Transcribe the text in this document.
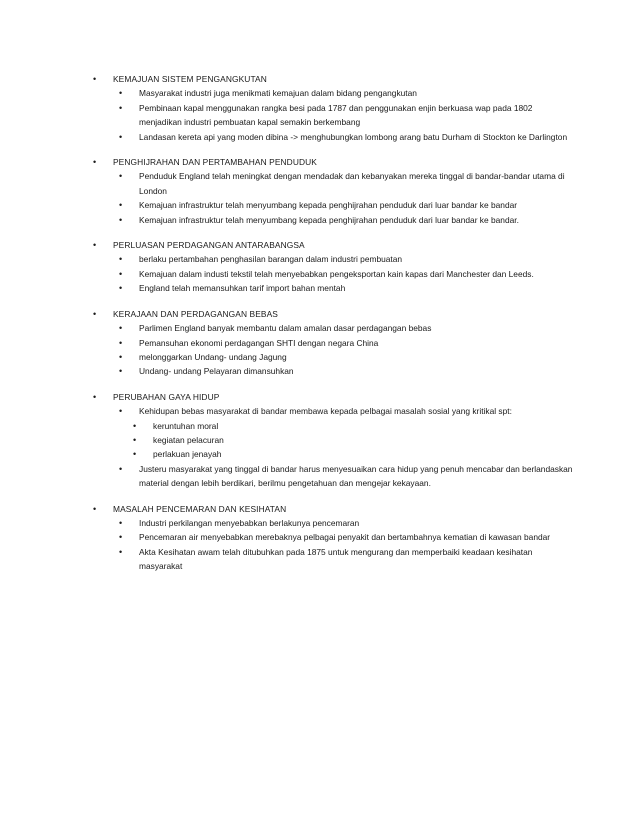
• KEMAJUAN SISTEM PENGANGKUTAN
• Masyarakat industri juga menikmati kemajuan dalam bidang pengangkutan
• Pembinaan kapal menggunakan rangka besi pada 1787 dan penggunakan enjin berkuasa wap pada 1802 menjadikan industri pembuatan kapal semakin berkembang
• Landasan kereta api yang moden dibina -> menghubungkan lombong arang batu Durham di Stockton ke Darlington
• PENGHIJRAHAN DAN PERTAMBAHAN PENDUDUK
• Penduduk England telah meningkat dengan mendadak dan kebanyakan mereka tinggal di bandar-bandar utama di London
• Kemajuan infrastruktur telah menyumbang kepada penghijrahan penduduk dari luar bandar ke bandar
• Kemajuan infrastruktur telah menyumbang kepada penghijrahan penduduk dari luar bandar ke bandar.
• PERLUASAN PERDAGANGAN ANTARABANGSA
• berlaku pertambahan penghasilan barangan dalam industri pembuatan
• Kemajuan dalam industi tekstil telah menyebabkan pengeksportan kain kapas dari Manchester dan Leeds.
• England telah memansuhkan tarif import bahan mentah
• KERAJAAN DAN PERDAGANGAN BEBAS
• Parlimen England banyak membantu dalam amalan dasar perdagangan bebas
• Pemansuhan ekonomi perdagangan SHTI dengan negara China
• melonggarkan Undang- undang Jagung
• Undang- undang Pelayaran dimansuhkan
• PERUBAHAN GAYA HIDUP
• Kehidupan bebas masyarakat di bandar membawa kepada pelbagai masalah sosial yang kritikal spt:
• keruntuhan moral
• kegiatan pelacuran
• perlakuan jenayah
• Justeru masyarakat yang tinggal di bandar harus menyesuaikan cara hidup yang penuh mencabar dan berlandaskan material dengan lebih berdikari, berilmu pengetahuan dan mengejar kekayaan.
• MASALAH PENCEMARAN DAN KESIHATAN
• Industri perkilangan menyebabkan berlakunya pencemaran
• Pencemaran air menyebabkan merebaknya pelbagai penyakit dan bertambahnya kematian di kawasan bandar
• Akta Kesihatan awam telah ditubuhkan pada 1875 untuk mengurang dan memperbaiki keadaan kesihatan masyarakat
